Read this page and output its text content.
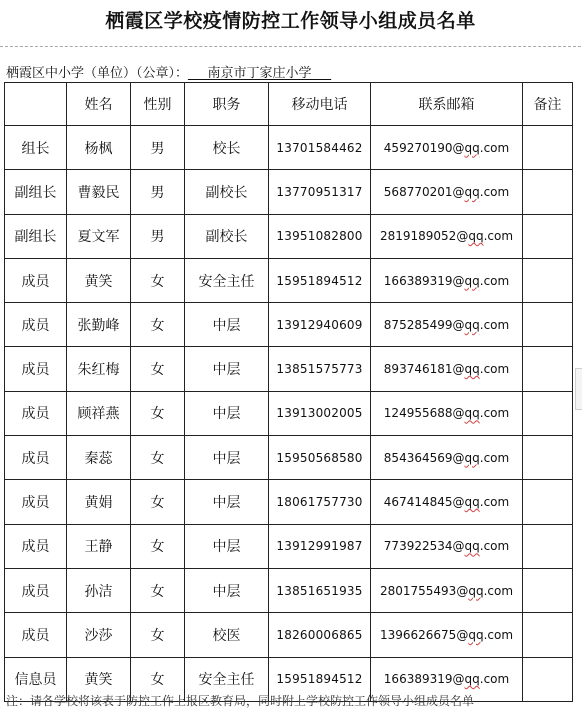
栖霞区学校疫情防控工作领导小组成员名单
栖霞区中小学（单位）（公章）：___南京市丁家庄小学___
	姓名	性别	职务	移动电话	联系邮箱	备注
组长	杨枫	男	校长	13701584462	459270190@qq.com	
副组长	曹毅民	男	副校长	13770951317	568770201@qq.com	
副组长	夏文军	男	副校长	13951082800	2819189052@qq.com	
成员	黄笑	女	安全主任	15951894512	166389319@qq.com	
成员	张勤峰	女	中层	13912940609	875285499@qq.com	
成员	朱红梅	女	中层	13851575773	893746181@qq.com	
成员	顾祥燕	女	中层	13913002005	124955688@qq.com	
成员	秦蕊	女	中层	15950568580	854364569@qq.com	
成员	黄娟	女	中层	18061757730	467414845@qq.com	
成员	王静	女	中层	13912991987	773922534@qq.com	
成员	孙洁	女	中层	13851651935	2801755493@qq.com	
成员	沙莎	女	校医	18260006865	1396626675@qq.com	
信息员	黄笑	女	安全主任	15951894512	166389319@qq.com	
注：请各学校将该表于防控工作上报区教育局，同时附上学校防控工作领导小组成员名单
